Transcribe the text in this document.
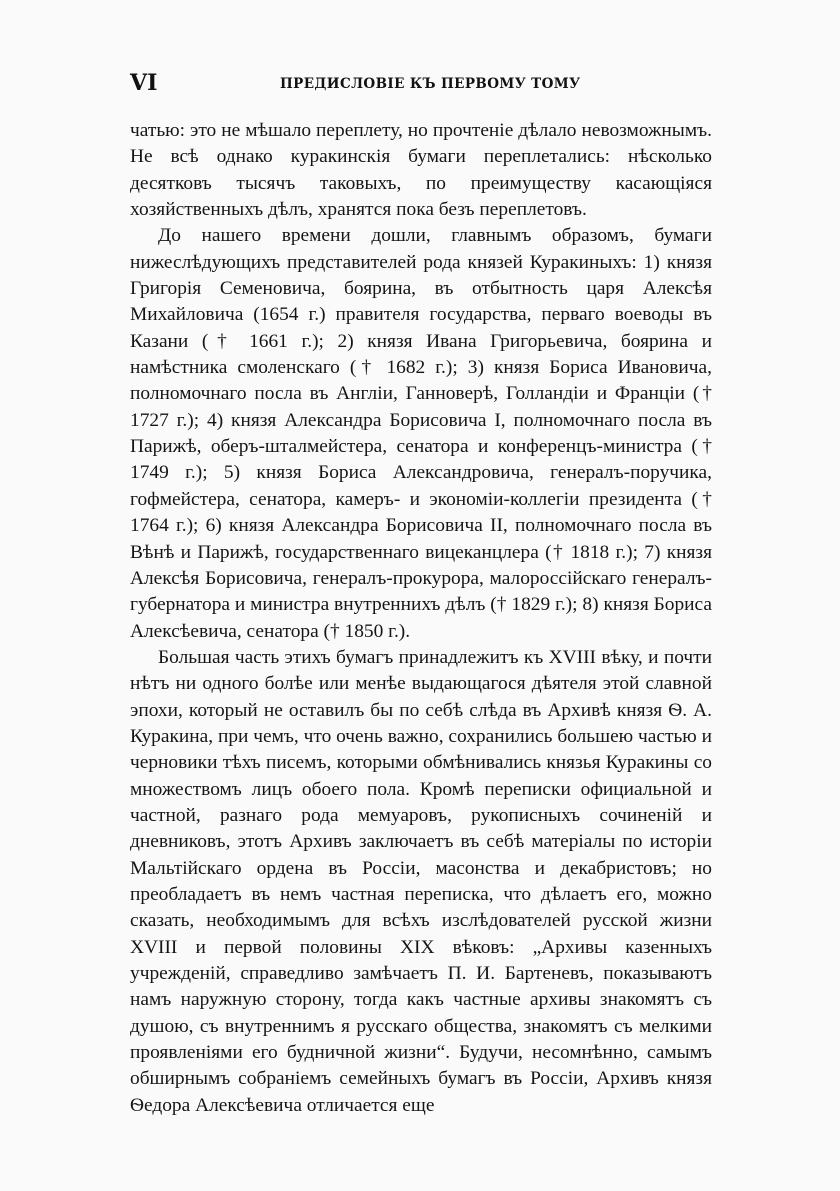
VI	ПРЕДИСЛОВІЕ КЪ ПЕРВОМУ ТОМУ

чатью: это не мѣшало переплету, но прочтеніе дѣлало невозможнымъ. Не всѣ однако куракинскія бумаги переплетались: нѣсколько десятковъ тысячъ таковыхъ, по преимуществу касающіяся хозяйственныхъ дѣлъ, хранятся пока безъ переплетовъ.

До нашего времени дошли, главнымъ образомъ, бумаги нижеслѣдующихъ представителей рода князей Куракиныхъ: 1) князя Григорія Семеновича, боярина, въ отбытность царя Алексѣя Михайловича (1654 г.) правителя государства, перваго воеводы въ Казани († 1661 г.); 2) князя Ивана Григорьевича, боярина и намѣстника смоленскаго († 1682 г.); 3) князя Бориса Ивановича, полномочнаго посла въ Англіи, Ганноверѣ, Голландіи и Франціи († 1727 г.); 4) князя Александра Борисовича I, полномочнаго посла въ Парижѣ, оберъ-шталмейстера, сенатора и конференцъ-министра († 1749 г.); 5) князя Бориса Александровича, генералъ-поручика, гофмейстера, сенатора, камеръ- и экономіи-коллегіи президента († 1764 г.); 6) князя Александра Борисовича II, полномочнаго посла въ Вѣнѣ и Парижѣ, государственнаго вицеканцлера († 1818 г.); 7) князя Алексѣя Борисовича, генералъ-прокурора, малороссійскаго генералъ-губернатора и министра внутреннихъ дѣлъ († 1829 г.); 8) князя Бориса Алексѣевича, сенатора († 1850 г.).

Большая часть этихъ бумагъ принадлежитъ къ XVIII вѣку, и почти нѣтъ ни одного болѣе или менѣе выдающагося дѣятеля этой славной эпохи, который не оставилъ бы по себѣ слѣда въ Архивѣ князя Ѳ. А. Куракина, при чемъ, что очень важно, сохранились большею частью и черновики тѣхъ писемъ, которыми обмѣнивались князья Куракины со множествомъ лицъ обоего пола. Кромѣ переписки официальной и частной, разнаго рода мемуаровъ, рукописныхъ сочиненій и дневниковъ, этотъ Архивъ заключаетъ въ себѣ матеріалы по исторіи Мальтійскаго ордена въ Россіи, масонства и декабристовъ; но преобладаетъ въ немъ частная переписка, что дѣлаетъ его, можно сказать, необходимымъ для всѣхъ изслѣдователей русской жизни XVIII и первой половины XIX вѣковъ: „Архивы казенныхъ учрежденій, справедливо замѣчаетъ П. И. Бартеневъ, показываютъ намъ наружную сторону, тогда какъ частные архивы знакомятъ съ душою, съ внутреннимъ я русскаго общества, знакомятъ съ мелкими проявленіями его будничной жизни“. Будучи, несомнѣнно, самымъ обширнымъ собраніемъ семейныхъ бумагъ въ Россіи, Архивъ князя Ѳедора Алексѣевича отличается еще
